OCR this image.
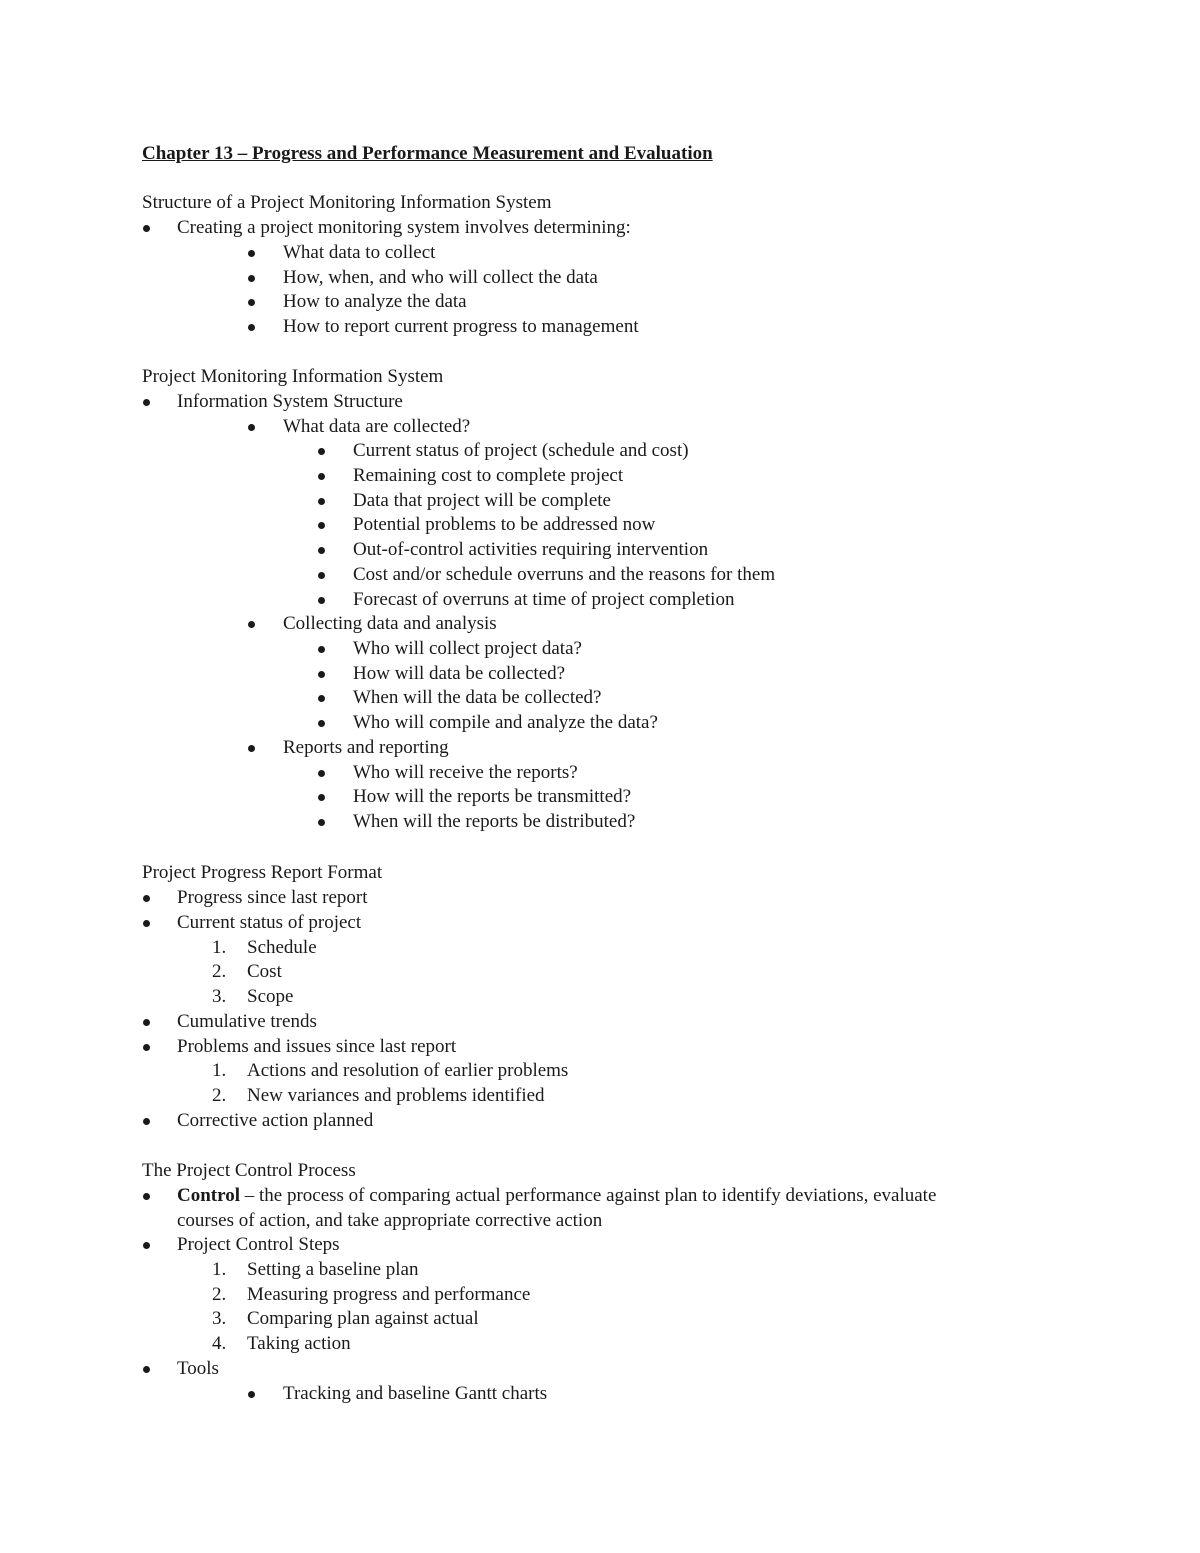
Chapter 13 – Progress and Performance Measurement and Evaluation
Structure of a Project Monitoring Information System
Creating a project monitoring system involves determining:
What data to collect
How, when, and who will collect the data
How to analyze the data
How to report current progress to management
Project Monitoring Information System
Information System Structure
What data are collected?
Current status of project (schedule and cost)
Remaining cost to complete project
Data that project will be complete
Potential problems to be addressed now
Out-of-control activities requiring intervention
Cost and/or schedule overruns and the reasons for them
Forecast of overruns at time of project completion
Collecting data and analysis
Who will collect project data?
How will data be collected?
When will the data be collected?
Who will compile and analyze the data?
Reports and reporting
Who will receive the reports?
How will the reports be transmitted?
When will the reports be distributed?
Project Progress Report Format
Progress since last report
Current status of project
1. Schedule
2. Cost
3. Scope
Cumulative trends
Problems and issues since last report
1. Actions and resolution of earlier problems
2. New variances and problems identified
Corrective action planned
The Project Control Process
Control – the process of comparing actual performance against plan to identify deviations, evaluate
courses of action, and take appropriate corrective action
Project Control Steps
1. Setting a baseline plan
2. Measuring progress and performance
3. Comparing plan against actual
4. Taking action
Tools
Tracking and baseline Gantt charts
